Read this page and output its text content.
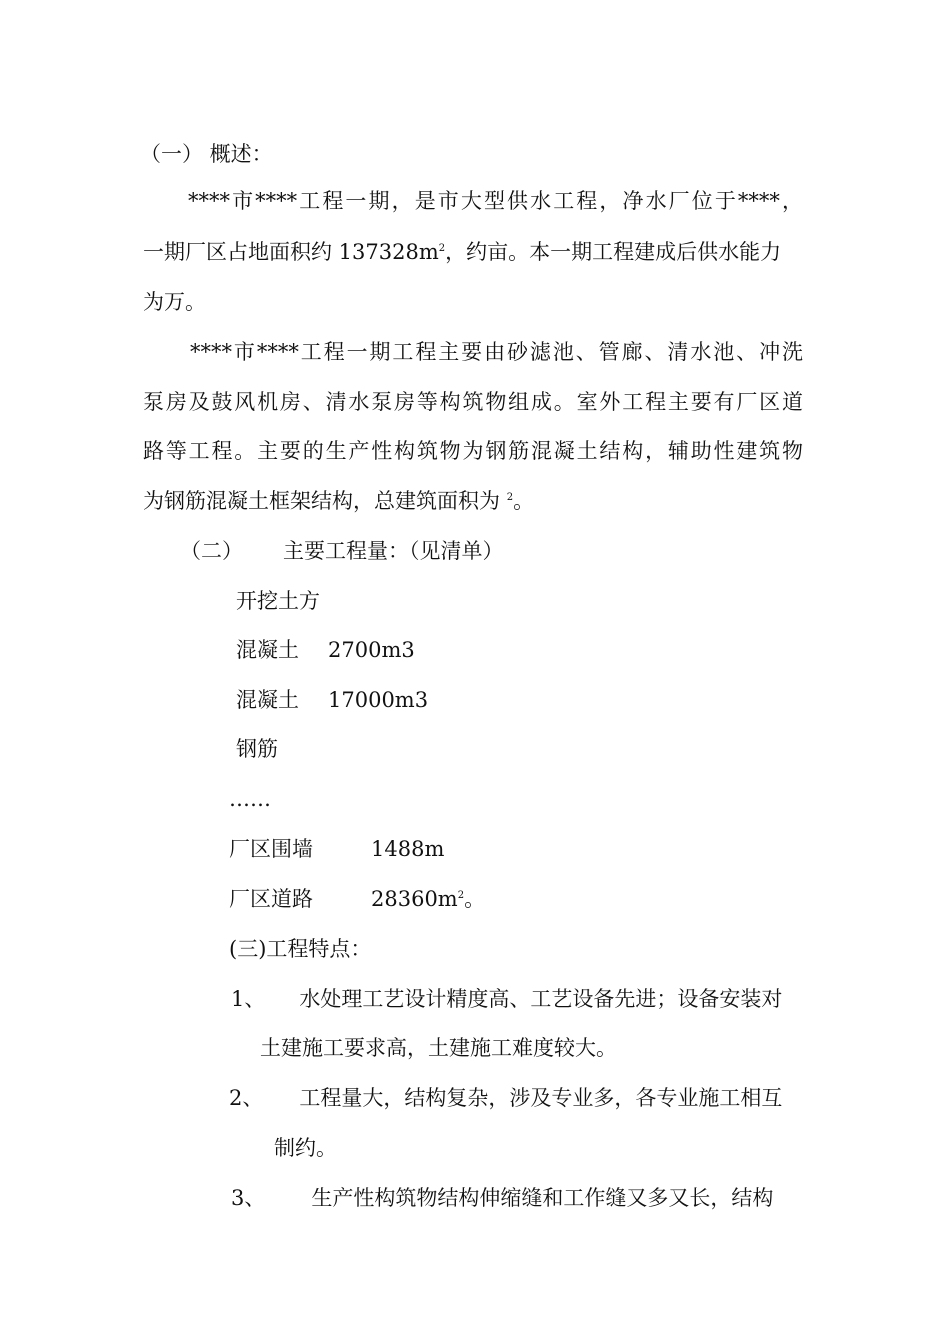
（一） 概述：
****市****工程一期，是市大型供水工程，净水厂位于****，
一期厂区占地面积约 $137328m^2$，约亩。本一期工程建成后供水能力
为万。
****市****工程一期工程主要由砂滤池、管廊、清水池、冲洗
泵房及鼓风机房、清水泵房等构筑物组成。室外工程主要有厂区道
路等工程。主要的生产性构筑物为钢筋混凝土结构，辅助性建筑物
为钢筋混凝土框架结构，总建筑面积为 $^2$。
（二） 主要工程量：（见清单）
开挖土方
混凝土 2700m3
混凝土 17000m3
钢筋
……
厂区围墙	1488m
厂区道路	$28360m^2$。
(三)工程特点：
1、 水处理工艺设计精度高、工艺设备先进；设备安装对
土建施工要求高，土建施工难度较大。
2、 工程量大，结构复杂，涉及专业多，各专业施工相互
制约。
3、 生产性构筑物结构伸缩缝和工作缝又多又长，结构
